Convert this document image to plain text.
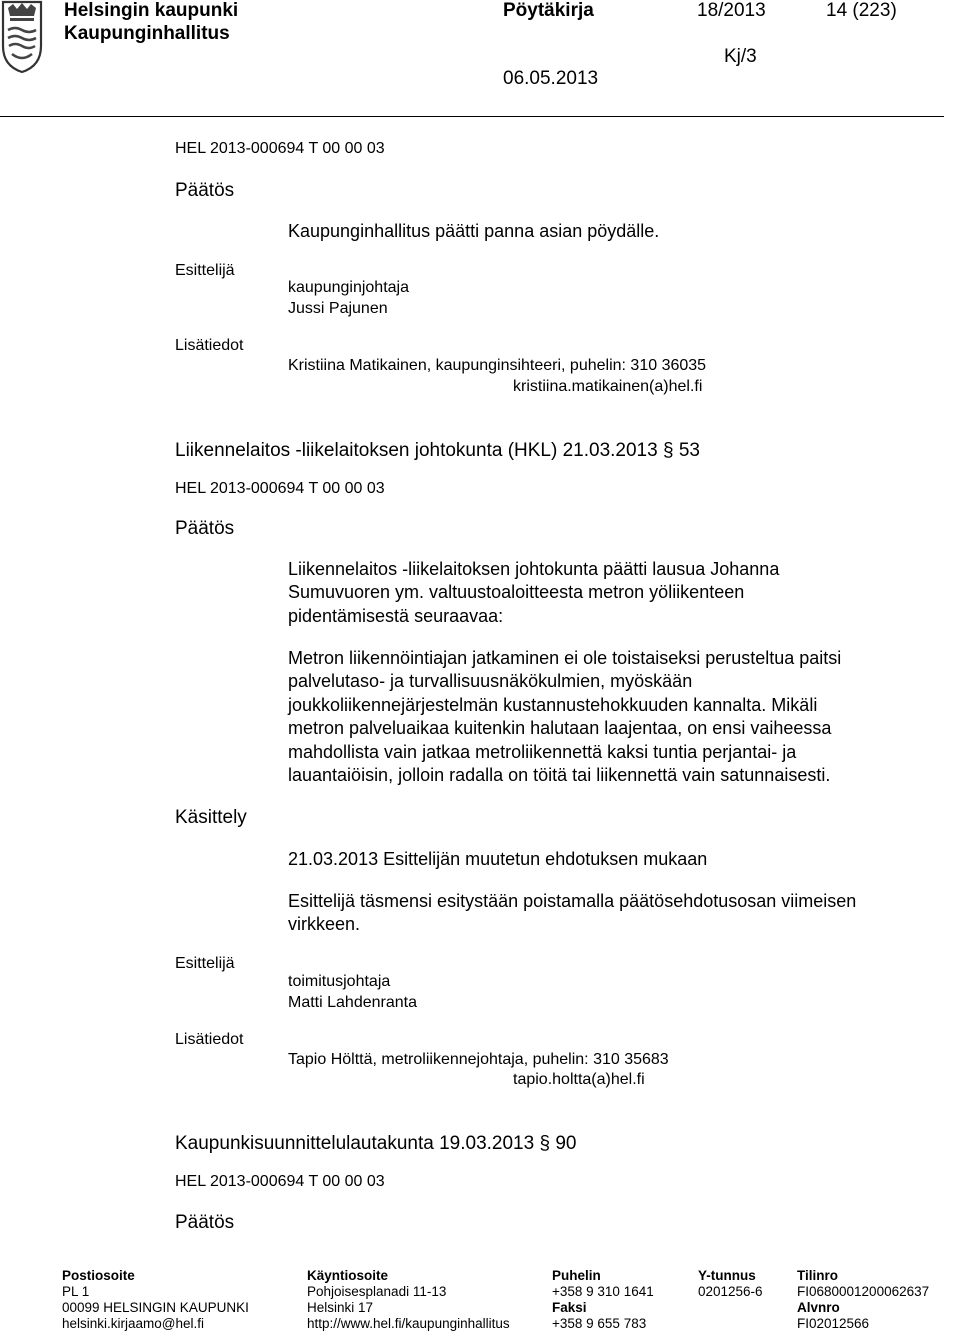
Helsingin kaupunki
Kaupunginhallitus
Pöytäkirja	18/2013	14 (223)
Kj/3
06.05.2013
HEL 2013-000694 T 00 00 03
Päätös
Kaupunginhallitus päätti panna asian pöydälle.
Esittelijä
kaupunginjohtaja
Jussi Pajunen
Lisätiedot
Kristiina Matikainen, kaupunginsihteeri, puhelin: 310 36035
kristiina.matikainen(a)hel.fi
Liikennelaitos -liikelaitoksen johtokunta (HKL) 21.03.2013 § 53
HEL 2013-000694 T 00 00 03
Päätös
Liikennelaitos -liikelaitoksen johtokunta päätti lausua Johanna
Sumuvuoren ym. valtuustoaloitteesta metron yöliikenteen
pidentämisestä seuraavaa:
Metron liikennöintiajan jatkaminen ei ole toistaiseksi perusteltua paitsi
palvelutaso- ja turvallisuusnäkökulmien, myöskään
joukkoliikennejärjestelmän kustannustehokkuuden kannalta. Mikäli
metron palveluaikaa kuitenkin halutaan laajentaa, on ensi vaiheessa
mahdollista vain jatkaa metroliikennettä kaksi tuntia perjantai- ja
lauantaiöisin, jolloin radalla on töitä tai liikennettä vain satunnaisesti.
Käsittely
21.03.2013 Esittelijän muutetun ehdotuksen mukaan
Esittelijä täsmensi esitystään poistamalla päätösehdotusosan viimeisen
virkkeen.
Esittelijä
toimitusjohtaja
Matti Lahdenranta
Lisätiedot
Tapio Hölttä, metroliikennejohtaja, puhelin: 310 35683
tapio.holtta(a)hel.fi
Kaupunkisuunnittelulautakunta 19.03.2013 § 90
HEL 2013-000694 T 00 00 03
Päätös
Postiosoite
PL 1
00099 HELSINGIN KAUPUNKI
helsinki.kirjaamo@hel.fi
Käyntiosoite
Pohjoisesplanadi 11-13
Helsinki 17
http://www.hel.fi/kaupunginhallitus
Puhelin
+358 9 310 1641
Faksi
+358 9 655 783
Y-tunnus
0201256-6
Tilinro
FI0680001200062637
Alvnro
FI02012566
